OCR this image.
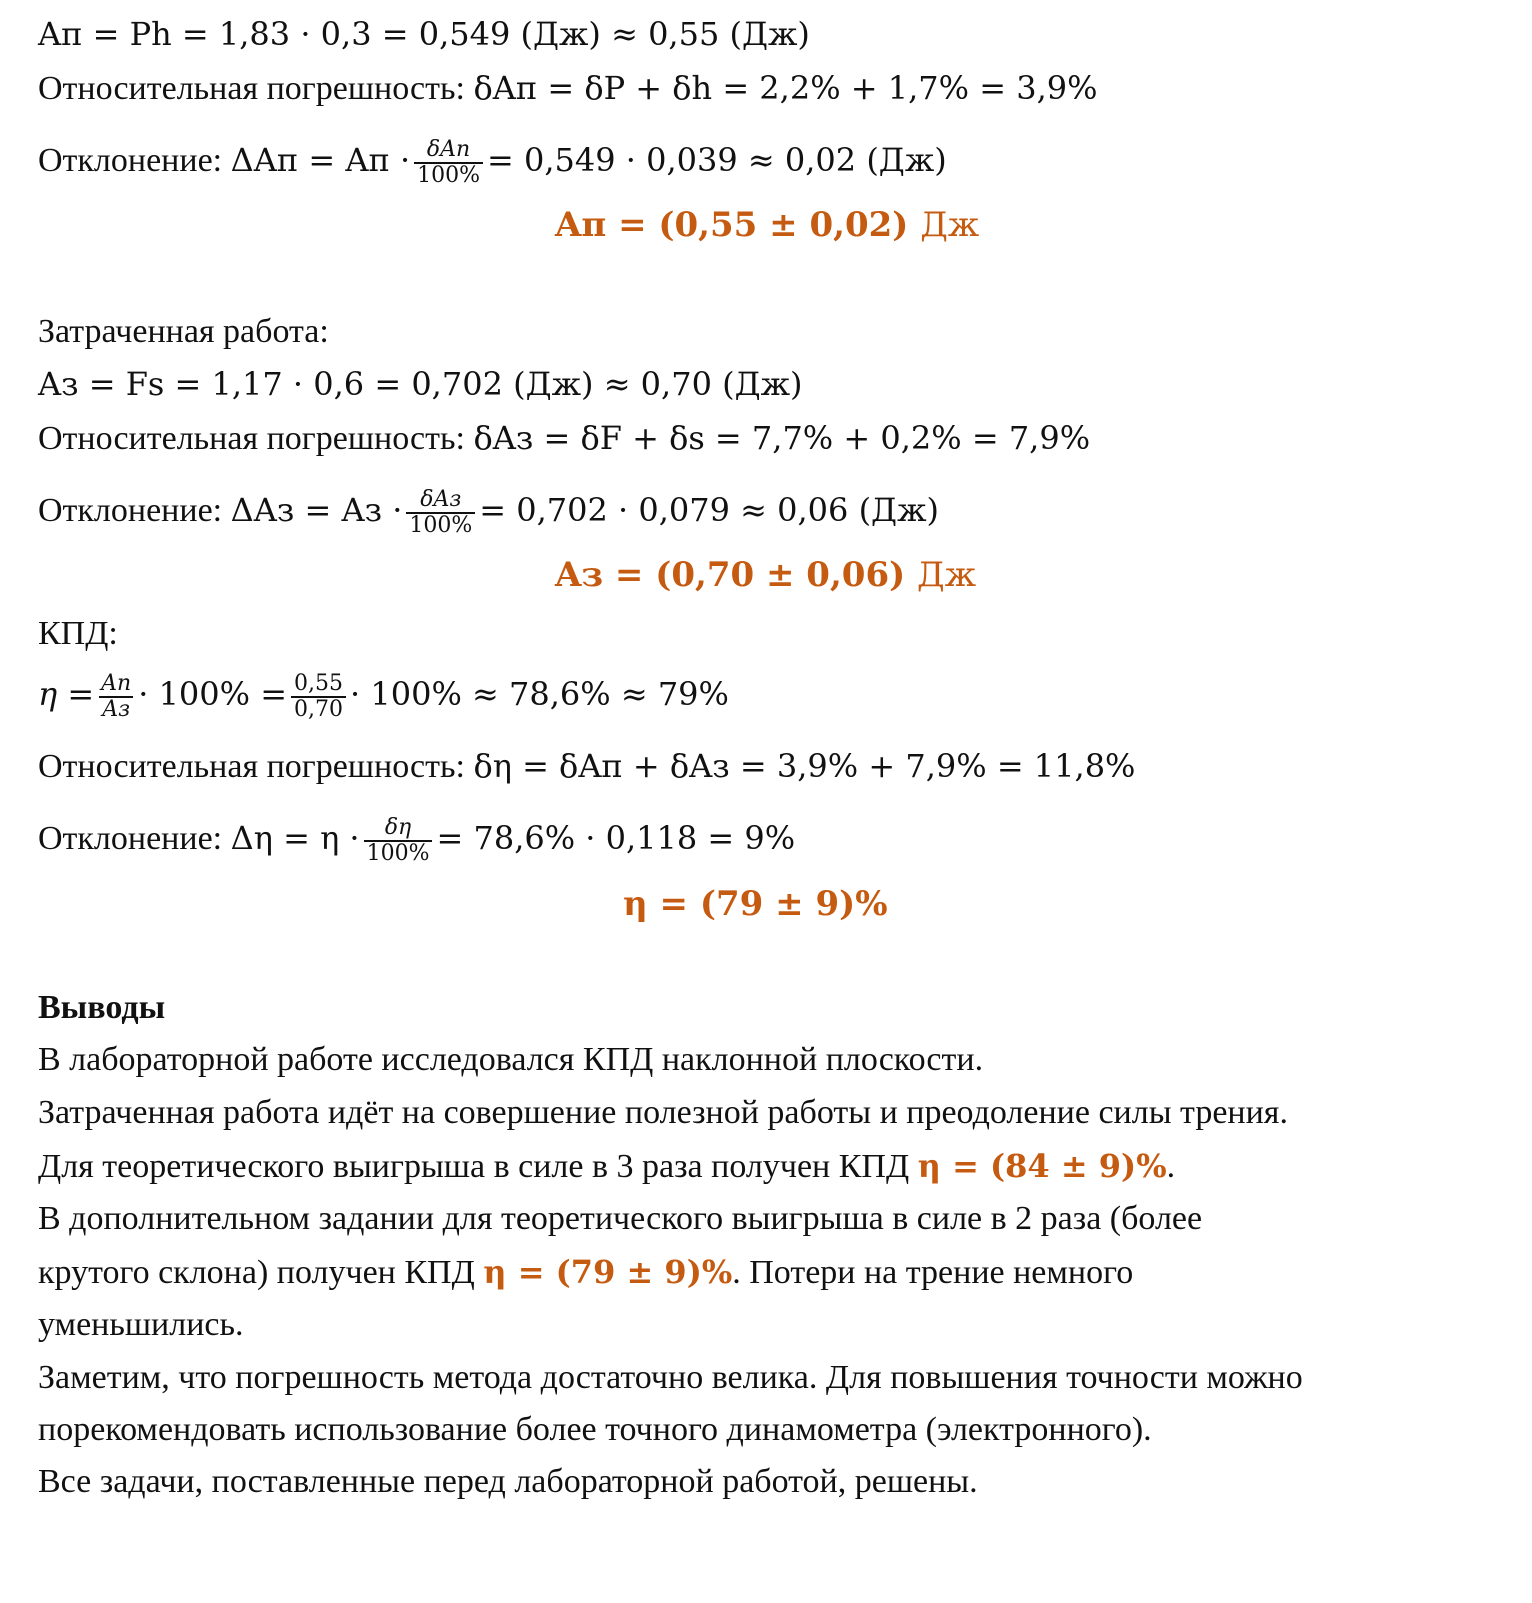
Aп = Ph = 1,83 · 0,3 = 0,549 (Дж) ≈ 0,55 (Дж)
Относительная погрешность: δAп = δP + δh = 2,2% + 1,7% = 3,9%
Отклонение: ΔAп = Aп · $\frac{\text{δAп}}{100\%} = 0,549 \cdot 0,039 \approx 0,02$ (Дж)
Aп = (0,55 ± 0,02) Дж
Затраченная работа:
Aз = Fs = 1,17 · 0,6 = 0,702 (Дж) ≈ 0,70 (Дж)
Относительная погрешность: δAз = δF + δs = 7,7% + 0,2% = 7,9%
Отклонение: ΔAз = Aз · $\frac{\text{δAз}}{100\%} = 0,702 \cdot 0,079 \approx 0,06$ (Дж)
Aз = (0,70 ± 0,06) Дж
КПД:
$\eta = \frac{Aп}{Aз} \cdot 100\% = \frac{0,55}{0,70} \cdot 100\% \approx 78,6\% \approx 79\%$
Относительная погрешность: δη = δAп + δAз = 3,9% + 7,9% = 11,8%
Отклонение: $\Delta\eta = \eta \cdot \frac{\delta\eta}{100\%} = 78,6\% \cdot 0,118 = 9\%$
η = (79 ± 9)%
Выводы
В лабораторной работе исследовался КПД наклонной плоскости.
Затраченная работа идёт на совершение полезной работы и преодоление силы трения.
Для теоретического выигрыша в силе в 3 раза получен КПД η = (84 ± 9)%.
В дополнительном задании для теоретического выигрыша в силе в 2 раза (более
крутого склона) получен КПД η = (79 ± 9)%. Потери на трение немного
уменьшились.
Заметим, что погрешность метода достаточно велика. Для повышения точности можно
порекомендовать использование более точного динамометра (электронного).
Все задачи, поставленные перед лабораторной работой, решены.
